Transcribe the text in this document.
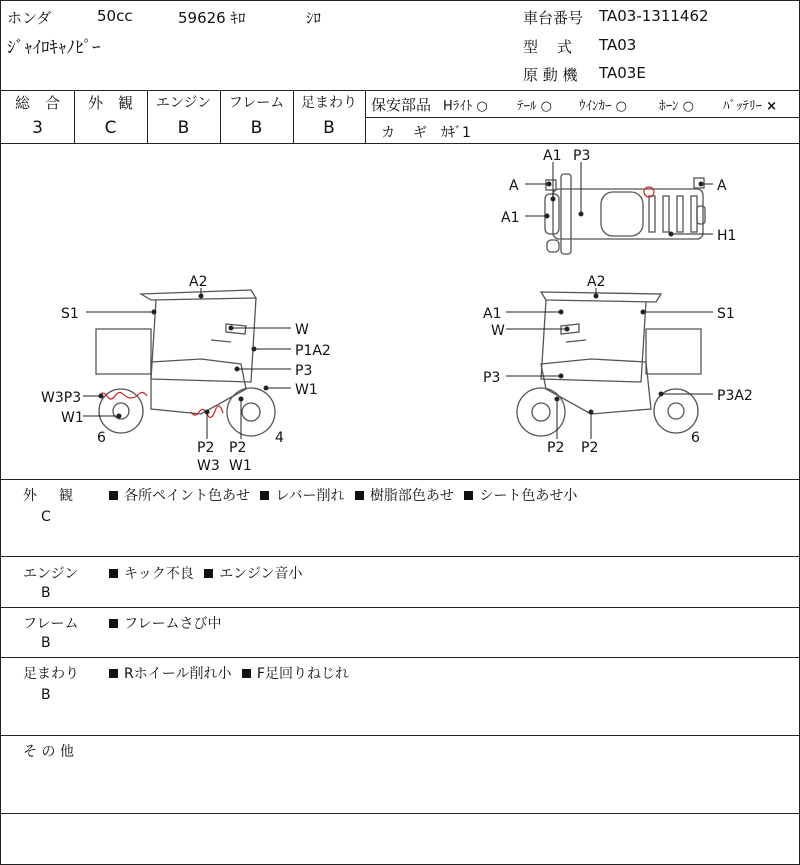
ホンダ	50cc	59626 ｷﾛ	ｼﾛ
ｼﾞｬｲﾛｷｬﾉﾋﾟｰ
車台番号 TA03-1311462
型　式 TA03
原 動 機 TA03E
総　合	外　観	エンジン	フレーム	足まわり
3	C	B	B	B
保安部品 Hﾗｲﾄ ○ ﾃｰﾙ ○ ｳｲﾝｶｰ ○ ﾎｰﾝ ○ ﾊﾞｯﾃﾘｰ ×
カ　ギ ｶｷﾞ1
A1 P3
A
A1
A
H1
A2
S1
W
P1A2
P3
W1
W3P3
W1
6
P2
W3
P2
W1
4
A2
A1	S1
W
P3
P3A2
P2 P2
6
外　観
C
各所ペイント色あせ レバー削れ 樹脂部色あせ シート色あせ小
エンジン
B
キック不良 エンジン音小
フレーム
B
フレームさび中
足まわり
B
Rホイール削れ小 F足回りねじれ
そ の 他
